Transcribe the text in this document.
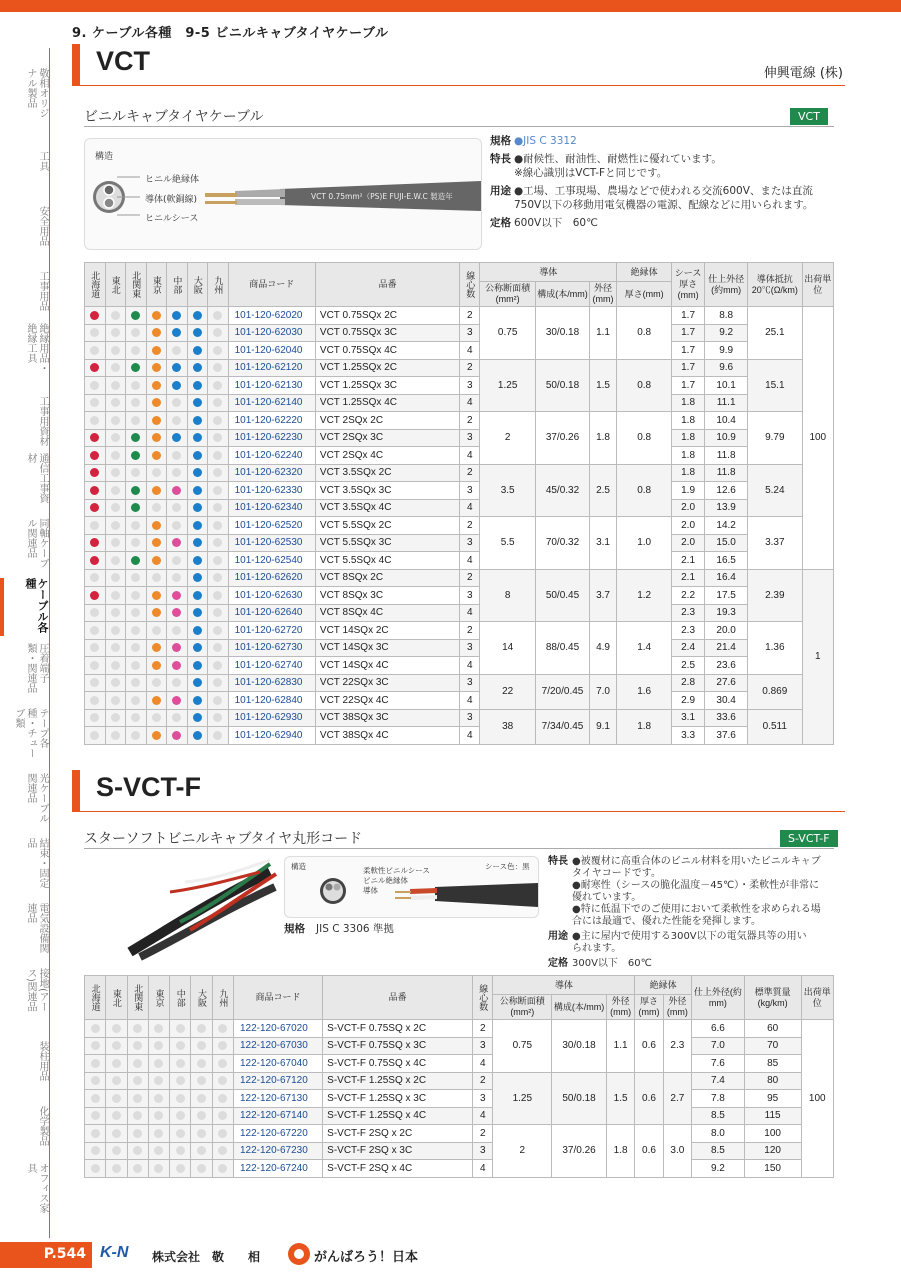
敬相オリジナル製品
工具
安全用品
工事用品
絶縁用品・絶縁工具
工事用資材
通信工事資材
同軸ケーブル関連品
ケーブル各種
圧着端子類・関連品
テープ各種・チューブ類
光ケーブル関連品
結束・固定品
電気設備関連品
接地(アース)関連品
装柱用品
化学製品
オフィス家具
9. ケーブル各種　9-5 ビニルキャブタイヤケーブル
VCT	伸興電線 (株)
ビニルキャブタイヤケーブル	VCT
構造
ヒニル絶縁体
導体(軟銅線)
ヒニルシース
VCT 0.75mm²（PS)E FUJI-E.W.C 製造年
規格 ●JIS C 3312
特長 ●耐候性、耐油性、耐燃性に優れています。
※線心識別はVCT-Fと同じです。
用途 ●工場、工事現場、農場などで使われる交流600V、または直流
750V以下の移動用電気機器の電源、配線などに用いられます。
定格 600V以下　60℃
北海道	東北	北関東	東京	中部	大阪	九州	商品コード	品番	線心数	導体			絶縁体	シース厚さ(mm)	仕上外径(約mm)	導体抵抗20℃(Ω/km)	出荷単位
										公称断面積(mm²)	構成(本/mm)	外径(mm)	厚さ(mm)				
							101-120-62020	VCT 0.75SQx 2C	2	0.75	30/0.18	1.1	0.8	1.7	8.8	25.1	100
							101-120-62030	VCT 0.75SQx 3C	3					1.7	9.2		
							101-120-62040	VCT 0.75SQx 4C	4					1.7	9.9		
							101-120-62120	VCT 1.25SQx 2C	2	1.25	50/0.18	1.5	0.8	1.7	9.6	15.1	
							101-120-62130	VCT 1.25SQx 3C	3					1.7	10.1		
							101-120-62140	VCT 1.25SQx 4C	4					1.8	11.1		
							101-120-62220	VCT 2SQx 2C	2	2	37/0.26	1.8	0.8	1.8	10.4	9.79	
							101-120-62230	VCT 2SQx 3C	3					1.8	10.9		
							101-120-62240	VCT 2SQx 4C	4					1.8	11.8		
							101-120-62320	VCT 3.5SQx 2C	2	3.5	45/0.32	2.5	0.8	1.8	11.8	5.24	
							101-120-62330	VCT 3.5SQx 3C	3					1.9	12.6		
							101-120-62340	VCT 3.5SQx 4C	4					2.0	13.9		
							101-120-62520	VCT 5.5SQx 2C	2	5.5	70/0.32	3.1	1.0	2.0	14.2	3.37	
							101-120-62530	VCT 5.5SQx 3C	3					2.0	15.0		
							101-120-62540	VCT 5.5SQx 4C	4					2.1	16.5		
							101-120-62620	VCT 8SQx 2C	2	8	50/0.45	3.7	1.2	2.1	16.4	2.39	1
							101-120-62630	VCT 8SQx 3C	3					2.2	17.5		
							101-120-62640	VCT 8SQx 4C	4					2.3	19.3		
							101-120-62720	VCT 14SQx 2C	2	14	88/0.45	4.9	1.4	2.3	20.0	1.36	
							101-120-62730	VCT 14SQx 3C	3					2.4	21.4		
							101-120-62740	VCT 14SQx 4C	4					2.5	23.6		
							101-120-62830	VCT 22SQx 3C	3	22	7/20/0.45	7.0	1.6	2.8	27.6	0.869	
							101-120-62840	VCT 22SQx 4C	4					2.9	30.4		
							101-120-62930	VCT 38SQx 3C	3	38	7/34/0.45	9.1	1.8	3.1	33.6	0.511	
							101-120-62940	VCT 38SQx 4C	4					3.3	37.6		
S-VCT-F
スターソフトビニルキャブタイヤ丸形コード	S-VCT-F
構造	シース色：黒
柔軟性ビニルシース
ビニル絶縁体
導体
規格 JIS C 3306 準拠
特長 ●被覆材に高重合体のビニル材料を用いたビニルキャブ
タイヤコードです。
●耐寒性（シースの脆化温度－45℃）・柔軟性が非常に
優れています。
●特に低温下でのご使用において柔軟性を求められる場
合には最適で、優れた性能を発揮します。
用途 ●主に屋内で使用する300V以下の電気器具等の用い
られます。
定格 300V以下　60℃
北海道	東北	北関東	東京	中部	大阪	九州	商品コード	品番	線心数	導体			絶縁体		仕上外径(約mm)	標準質量(kg/km)	出荷単位
										公称断面積(mm²)	構成(本/mm)	外径(mm)	厚さ(mm)	外径(mm)			
							122-120-67020	S-VCT-F 0.75SQ x 2C	2	0.75	30/0.18	1.1	0.6	2.3	6.6	60	100
							122-120-67030	S-VCT-F 0.75SQ x 3C	3						7.0	70	
							122-120-67040	S-VCT-F 0.75SQ x 4C	4						7.6	85	
							122-120-67120	S-VCT-F 1.25SQ x 2C	2	1.25	50/0.18	1.5	0.6	2.7	7.4	80	
							122-120-67130	S-VCT-F 1.25SQ x 3C	3						7.8	95	
							122-120-67140	S-VCT-F 1.25SQ x 4C	4						8.5	115	
							122-120-67220	S-VCT-F 2SQ x 2C	2	2	37/0.26	1.8	0.6	3.0	8.0	100	
							122-120-67230	S-VCT-F 2SQ x 3C	3						8.5	120	
							122-120-67240	S-VCT-F 2SQ x 4C	4						9.2	150	
P.544 K-N 株式会社　敬　　相	がんばろう！日本
